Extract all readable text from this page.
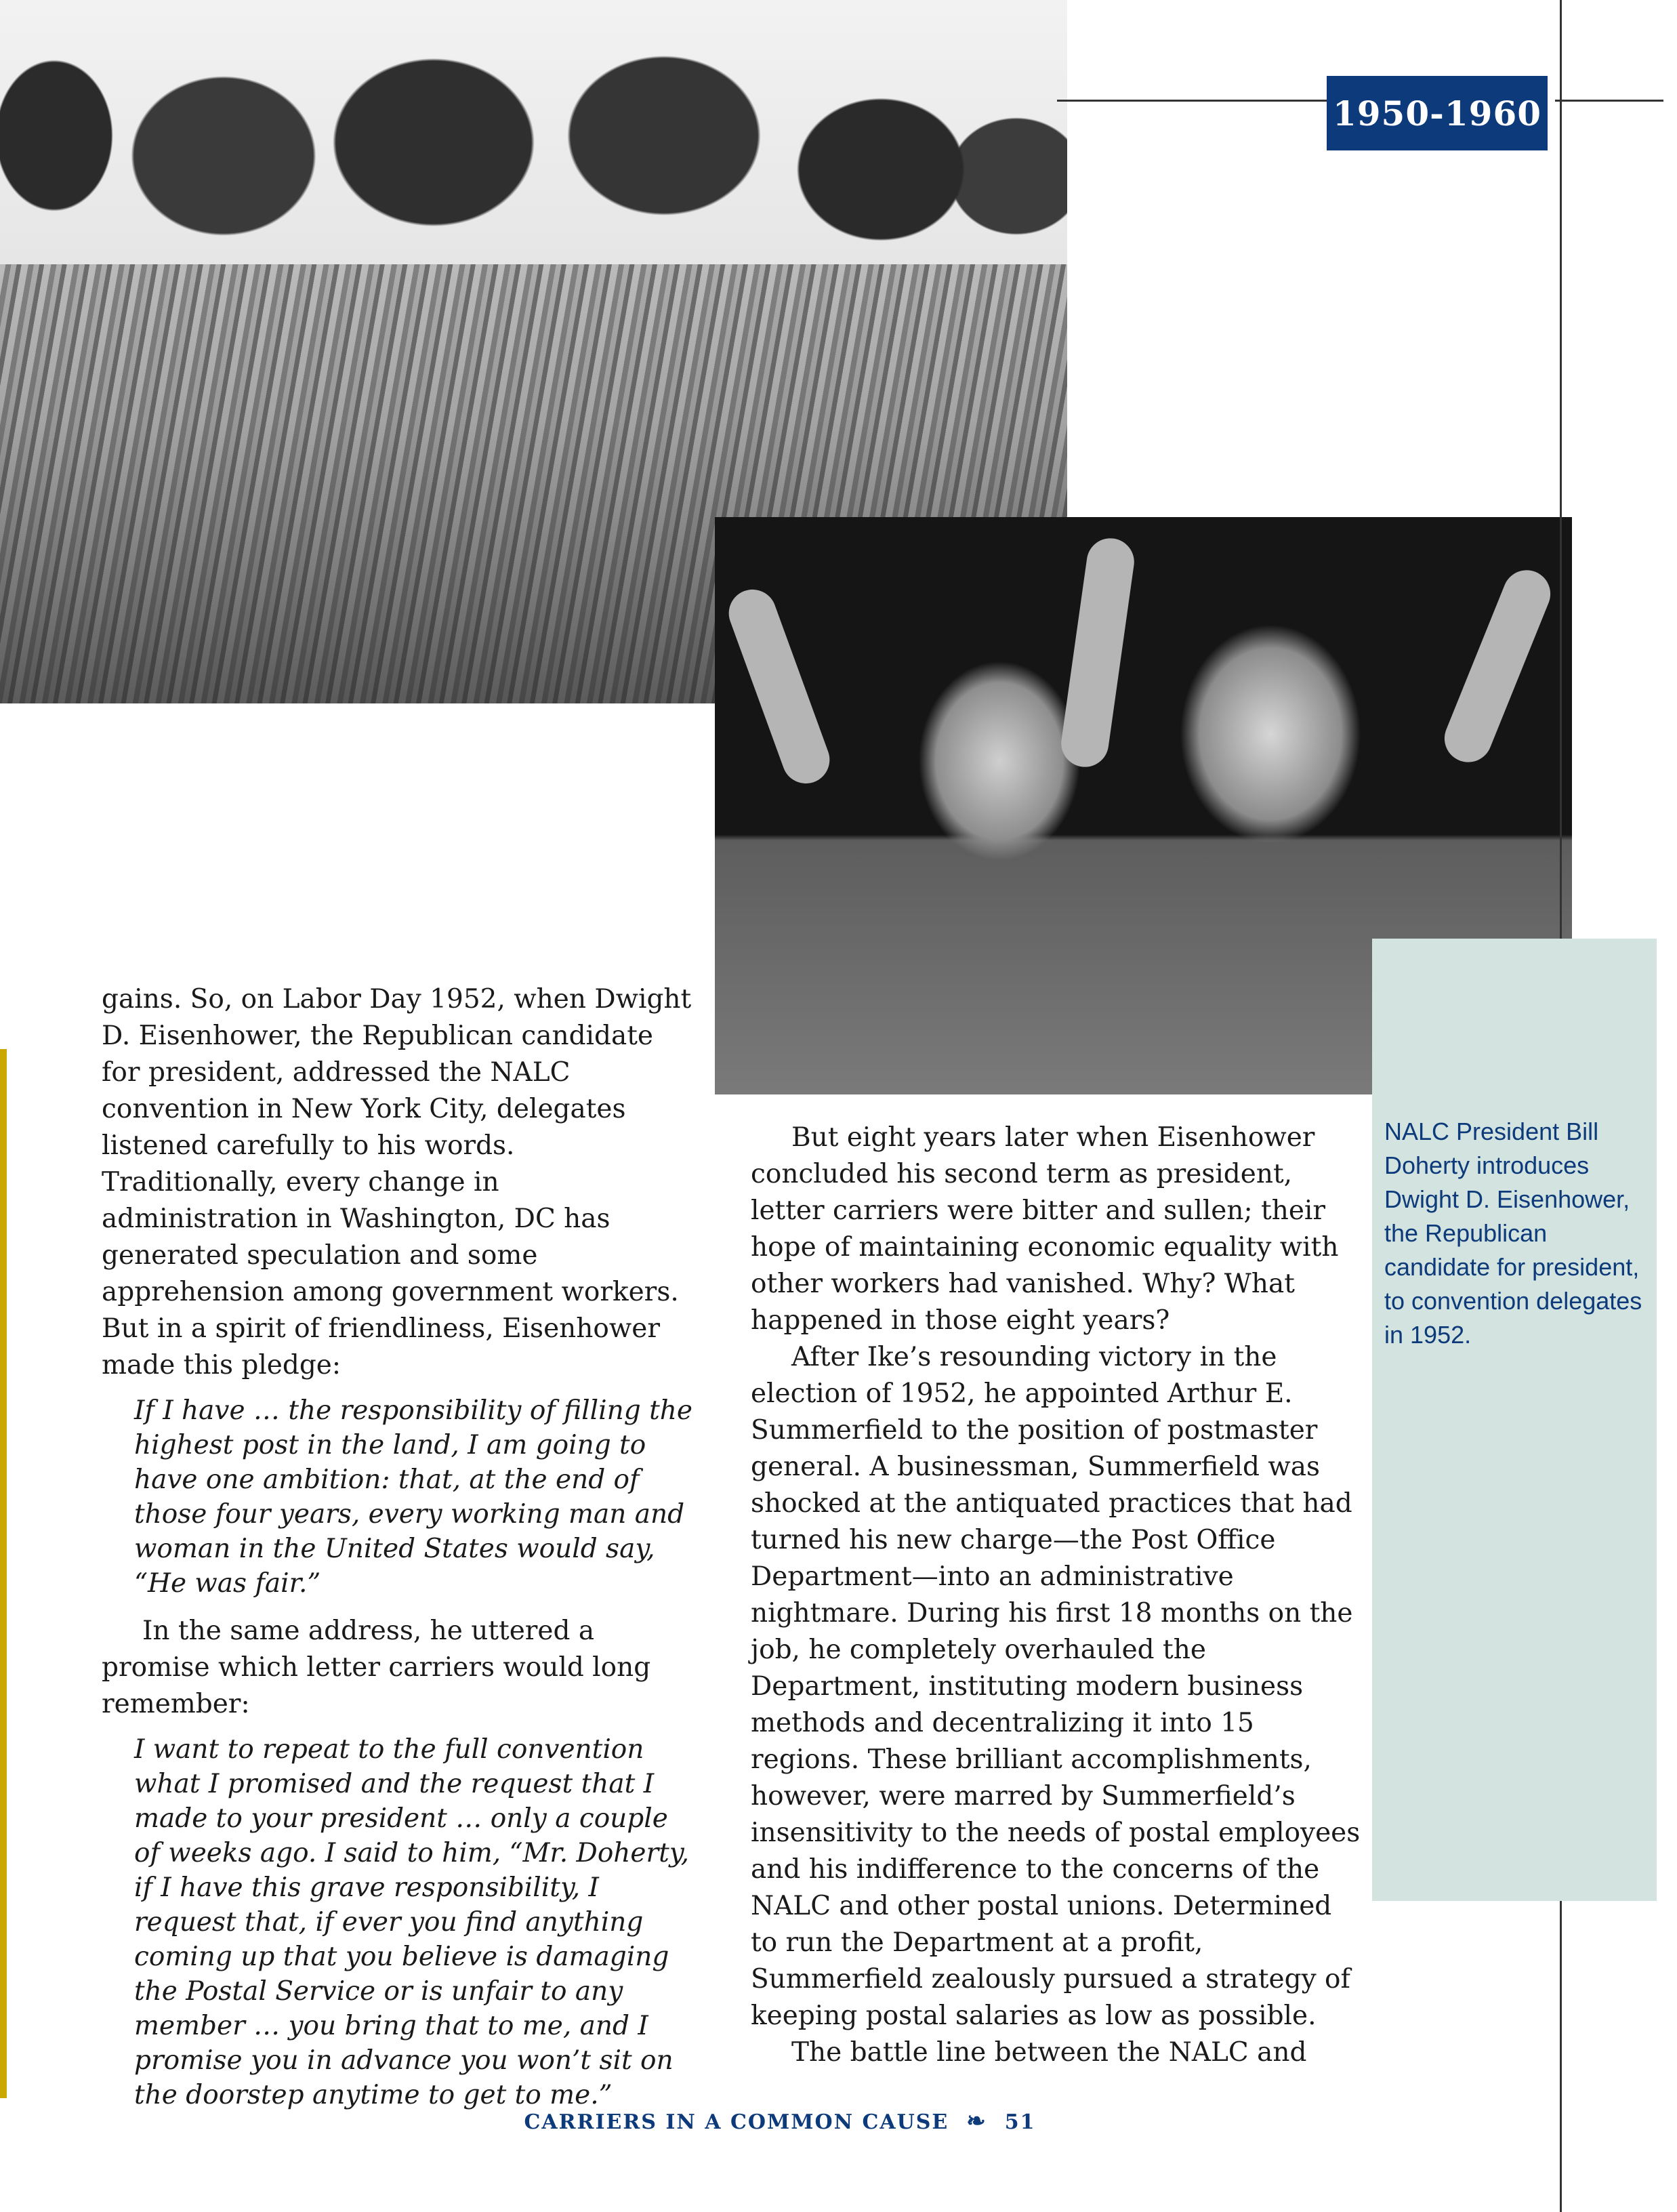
1950-1960
NALC President Bill Doherty introduces Dwight D. Eisenhower, the Republican candidate for president, to convention delegates in 1952.

gains. So, on Labor Day 1952, when Dwight D. Eisenhower, the Republican candidate for president, addressed the NALC convention in New York City, delegates listened carefully to his words. Traditionally, every change in administration in Washington, DC has generated speculation and some apprehension among government workers. But in a spirit of friendliness, Eisenhower made this pledge:

If I have … the responsibility of filling the highest post in the land, I am going to have one ambition: that, at the end of those four years, every working man and woman in the United States would say, “He was fair.”

In the same address, he uttered a promise which letter carriers would long remember:

I want to repeat to the full convention what I promised and the request that I made to your president … only a couple of weeks ago. I said to him, “Mr. Doherty, if I have this grave responsibility, I request that, if ever you find anything coming up that you believe is damaging the Postal Service or is unfair to any member … you bring that to me, and I promise you in advance you won’t sit on the doorstep anytime to get to me.”

But eight years later when Eisenhower concluded his second term as president, letter carriers were bitter and sullen; their hope of maintaining economic equality with other workers had vanished. Why? What happened in those eight years?

After Ike’s resounding victory in the election of 1952, he appointed Arthur E. Summerfield to the position of postmaster general. A businessman, Summerfield was shocked at the antiquated practices that had turned his new charge—the Post Office Department—into an administrative nightmare. During his first 18 months on the job, he completely overhauled the Department, instituting modern business methods and decentralizing it into 15 regions. These brilliant accomplishments, however, were marred by Summerfield’s insensitivity to the needs of postal employees and his indifference to the concerns of the NALC and other postal unions. Determined to run the Department at a profit, Summerfield zealously pursued a strategy of keeping postal salaries as low as possible.

The battle line between the NALC and

CARRIERS IN A COMMON CAUSE ❧ 51
